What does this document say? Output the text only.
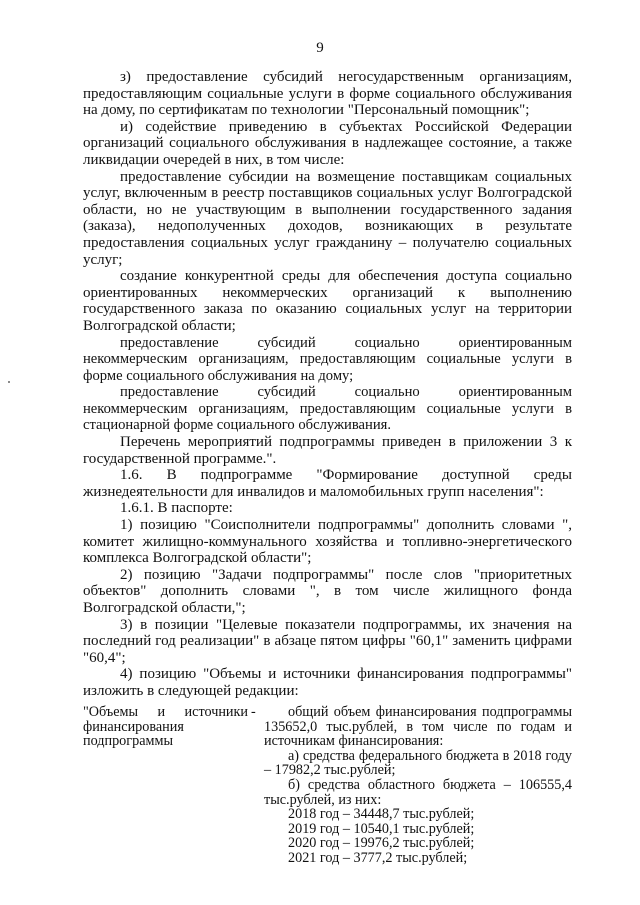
9

з) предоставление субсидий негосударственным организациям, предоставляющим социальные услуги в форме социального обслуживания на дому, по сертификатам по технологии "Персональный помощник";

и) содействие приведению в субъектах Российской Федерации организаций социального обслуживания в надлежащее состояние, а также ликвидации очередей в них, в том числе:

предоставление субсидии на возмещение поставщикам социальных услуг, включенным в реестр поставщиков социальных услуг Волгоградской области, но не участвующим в выполнении государственного задания (заказа), недополученных доходов, возникающих в результате предоставления социальных услуг гражданину – получателю социальных услуг;

создание конкурентной среды для обеспечения доступа социально ориентированных некоммерческих организаций к выполнению государственного заказа по оказанию социальных услуг на территории Волгоградской области;

предоставление субсидий социально ориентированным некоммерческим организациям, предоставляющим социальные услуги в форме социального обслуживания на дому;

предоставление субсидий социально ориентированным некоммерческим организациям, предоставляющим социальные услуги в стационарной форме социального обслуживания.

Перечень мероприятий подпрограммы приведен в приложении 3 к государственной программе.".

1.6. В подпрограмме "Формирование доступной среды жизнедеятельности для инвалидов и маломобильных групп населения":

1.6.1. В паспорте:

1) позицию "Соисполнители подпрограммы" дополнить словами ", комитет жилищно-коммунального хозяйства и топливно-энергетического комплекса Волгоградской области";

2) позицию "Задачи подпрограммы" после слов "приоритетных объектов" дополнить словами ", в том числе жилищного фонда Волгоградской области,";

3) в позиции "Целевые показатели подпрограммы, их значения на последний год реализации" в абзаце пятом цифры "60,1" заменить цифрами "60,4";

4) позицию "Объемы и источники финансирования подпрограммы" изложить в следующей редакции:

"Объемы и источники финансирования подпрограммы
-	общий объем финансирования подпрограммы 135652,0 тыс.рублей, в том числе по годам и источникам финансирования:

а) средства федерального бюджета в 2018 году – 17982,2 тыс.рублей;

б) средства областного бюджета – 106555,4 тыс.рублей, из них:

2018 год – 34448,7 тыс.рублей;

2019 год – 10540,1 тыс.рублей;

2020 год – 19976,2 тыс.рублей;

2021 год – 3777,2 тыс.рублей;
